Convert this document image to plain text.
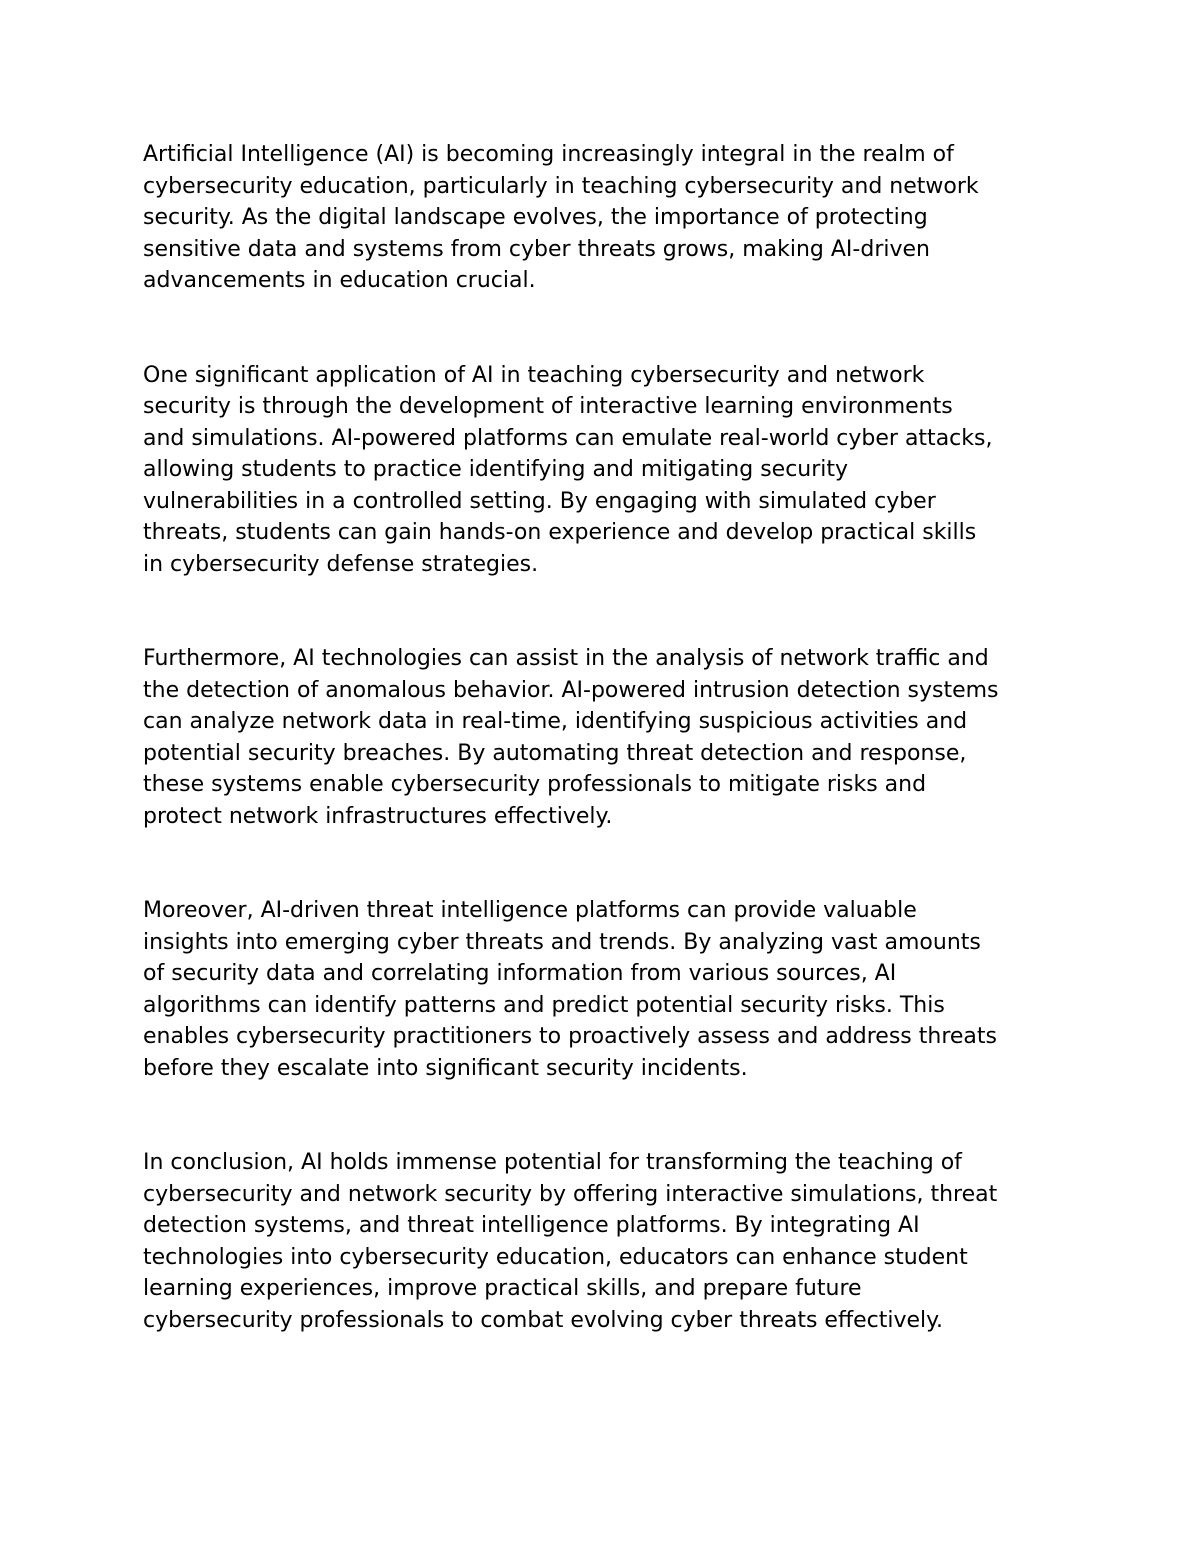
Artificial Intelligence (AI) is becoming increasingly integral in the realm of
cybersecurity education, particularly in teaching cybersecurity and network
security. As the digital landscape evolves, the importance of protecting
sensitive data and systems from cyber threats grows, making AI-driven
advancements in education crucial.

One significant application of AI in teaching cybersecurity and network
security is through the development of interactive learning environments
and simulations. AI-powered platforms can emulate real-world cyber attacks,
allowing students to practice identifying and mitigating security
vulnerabilities in a controlled setting. By engaging with simulated cyber
threats, students can gain hands-on experience and develop practical skills
in cybersecurity defense strategies.

Furthermore, AI technologies can assist in the analysis of network traffic and
the detection of anomalous behavior. AI-powered intrusion detection systems
can analyze network data in real-time, identifying suspicious activities and
potential security breaches. By automating threat detection and response,
these systems enable cybersecurity professionals to mitigate risks and
protect network infrastructures effectively.

Moreover, AI-driven threat intelligence platforms can provide valuable
insights into emerging cyber threats and trends. By analyzing vast amounts
of security data and correlating information from various sources, AI
algorithms can identify patterns and predict potential security risks. This
enables cybersecurity practitioners to proactively assess and address threats
before they escalate into significant security incidents.

In conclusion, AI holds immense potential for transforming the teaching of
cybersecurity and network security by offering interactive simulations, threat
detection systems, and threat intelligence platforms. By integrating AI
technologies into cybersecurity education, educators can enhance student
learning experiences, improve practical skills, and prepare future
cybersecurity professionals to combat evolving cyber threats effectively.
